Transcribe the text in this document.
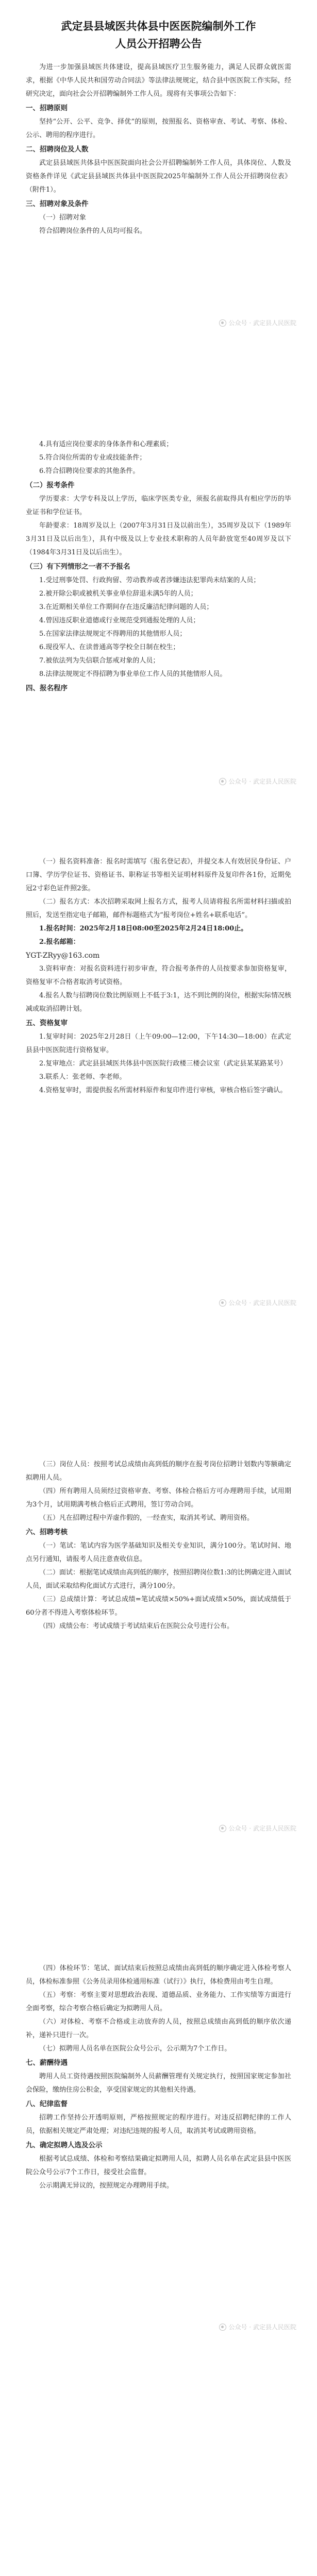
武定县县域医共体县中医医院编制外工作
人员公开招聘公告

为进一步加强县域医共体建设，提高县域医疗卫生服务能力，满足人民群众就医需求，根据《中华人民共和国劳动合同法》等法律法规规定，结合县中医医院工作实际，经研究决定，面向社会公开招聘编制外工作人员。现将有关事项公告如下：

一、招聘原则

坚持“公开、公平、竞争、择优”的原则，按照报名、资格审查、考试、考察、体检、公示、聘用的程序进行。

二、招聘岗位及人数

武定县县域医共体县中医医院面向社会公开招聘编制外工作人员，具体岗位、人数及资格条件详见《武定县县域医共体县中医医院2025年编制外工作人员公开招聘岗位表》（附件1）。

三、招聘对象及条件

（一）招聘对象

符合招聘岗位条件的人员均可报名。

公众号 · 武定县人民医院

4.具有适应岗位要求的身体条件和心理素质；

5.符合岗位所需的专业或技能条件；

6.符合招聘岗位要求的其他条件。

（二）报考条件

学历要求：大学专科及以上学历，临床学医类专业，须报名前取得具有相应学历的毕业证书和学位证书。

年龄要求：18周岁及以上（2007年3月31日及以前出生），35周岁及以下（1989年3月31日及以后出生），具有中级及以上专业技术职称的人员年龄放宽至40周岁及以下（1984年3月31日及以后出生）。

（三）有下列情形之一者不予报名

1.受过刑事处罚、行政拘留、劳动教养或者涉嫌违法犯罪尚未结案的人员；

2.被开除公职或被机关事业单位辞退未满5年的人员；

3.在近期相关单位工作期间存在违反廉洁纪律问题的人员；

4.曾因违反职业道德或行业规范受到通报处理的人员；

5.在国家法律法规规定不得聘用的其他情形人员；

6.现役军人、在读普通高等学校全日制在校生；

7.被依法列为失信联合惩戒对象的人员；

8.法律法规规定不得招聘为事业单位工作人员的其他情形人员。

四、报名程序

公众号 · 武定县人民医院

（一）报名资料准备：报名时需填写《报名登记表》，并提交本人有效居民身份证、户口簿、学历学位证书、资格证书、职称证书等相关证明材料原件及复印件各1份，近期免冠2寸彩色证件照2张。

（二）报名方式：本次招聘采取网上报名方式，报考人员请将报名所需材料扫描或拍照后，发送至指定电子邮箱，邮件标题格式为“报考岗位+姓名+联系电话”。

1.报名时间：2025年2月18日08:00至2025年2月24日18:00止。

2.报名邮箱：

YGT-ZRyy@163.com

3.资料审查：对报名资料进行初步审查，符合报考条件的人员按要求参加资格复审，资格复审不合格者取消考试资格。

4.报名人数与招聘岗位数比例原则上不低于3:1，达不到比例的岗位，根据实际情况核减或取消招聘计划。

五、资格复审

1.复审时间：2025年2月28日（上午09:00—12:00，下午14:30—18:00）在武定县县中医医院进行资格复审。

2.复审地点：武定县县域医共体县中医医院行政楼三楼会议室（武定县某某路某号）

3.联系人：张老师、李老师。

4.资格复审时，需提供报名所需材料原件和复印件进行审核，审核合格后签字确认。

公众号 · 武定县人民医院

（三）岗位人员：按照考试总成绩由高到低的顺序在报考岗位招聘计划数内等额确定拟聘用人员。

（四）所有聘用人员须经过资格审查、考察、体检合格后方可办理聘用手续，试用期为3个月，试用期满考核合格后正式聘用，签订劳动合同。

（五）凡在招聘过程中弄虚作假的，一经查实，取消其考试、聘用资格。

六、招聘考核

（一）笔试：笔试内容为医学基础知识及相关专业知识，满分100分。笔试时间、地点另行通知，请报考人员注意查收信息。

（二）面试：根据笔试成绩由高到低的顺序，按照招聘岗位数1:3的比例确定进入面试人员，面试采取结构化面试方式进行，满分100分。

（三）总成绩计算：考试总成绩=笔试成绩×50%+面试成绩×50%，面试成绩低于60分者不得进入考察体检环节。

（四）成绩公布：考试成绩于考试结束后在医院公众号进行公布。

公众号 · 武定县人民医院

（四）体检环节：笔试、面试结束后按照总成绩由高到低的顺序确定进入体检考察人员，体检标准参照《公务员录用体检通用标准（试行）》执行，体检费用由考生自理。

（五）考察：考察主要对思想政治表现、道德品质、业务能力、工作实绩等方面进行全面考察，综合考察合格后确定为拟聘用人员。

（六）对体检、考察不合格或主动放弃的人员，按照总成绩由高到低的顺序依次递补，递补只进行一次。

（七）拟聘用人员名单在医院公众号公示，公示期为7个工作日。

七、薪酬待遇

聘用人员工资待遇按照医院编制外人员薪酬管理有关规定执行，按照国家规定参加社会保险，缴纳住房公积金，享受国家规定的其他相关待遇。

八、纪律监督

招聘工作坚持公开透明原则，严格按照规定的程序进行。对违反招聘纪律的工作人员，依据相关规定严肃处理；对违纪违规的报考人员，取消其考试或聘用资格。

九、确定拟聘人选及公示

根据考试总成绩、体检和考察结果确定拟聘用人员，拟聘人员名单在武定县县中医医院公众号公示7个工作日，接受社会监督。

公示期满无异议的，按照规定办理聘用手续。

公众号 · 武定县人民医院
